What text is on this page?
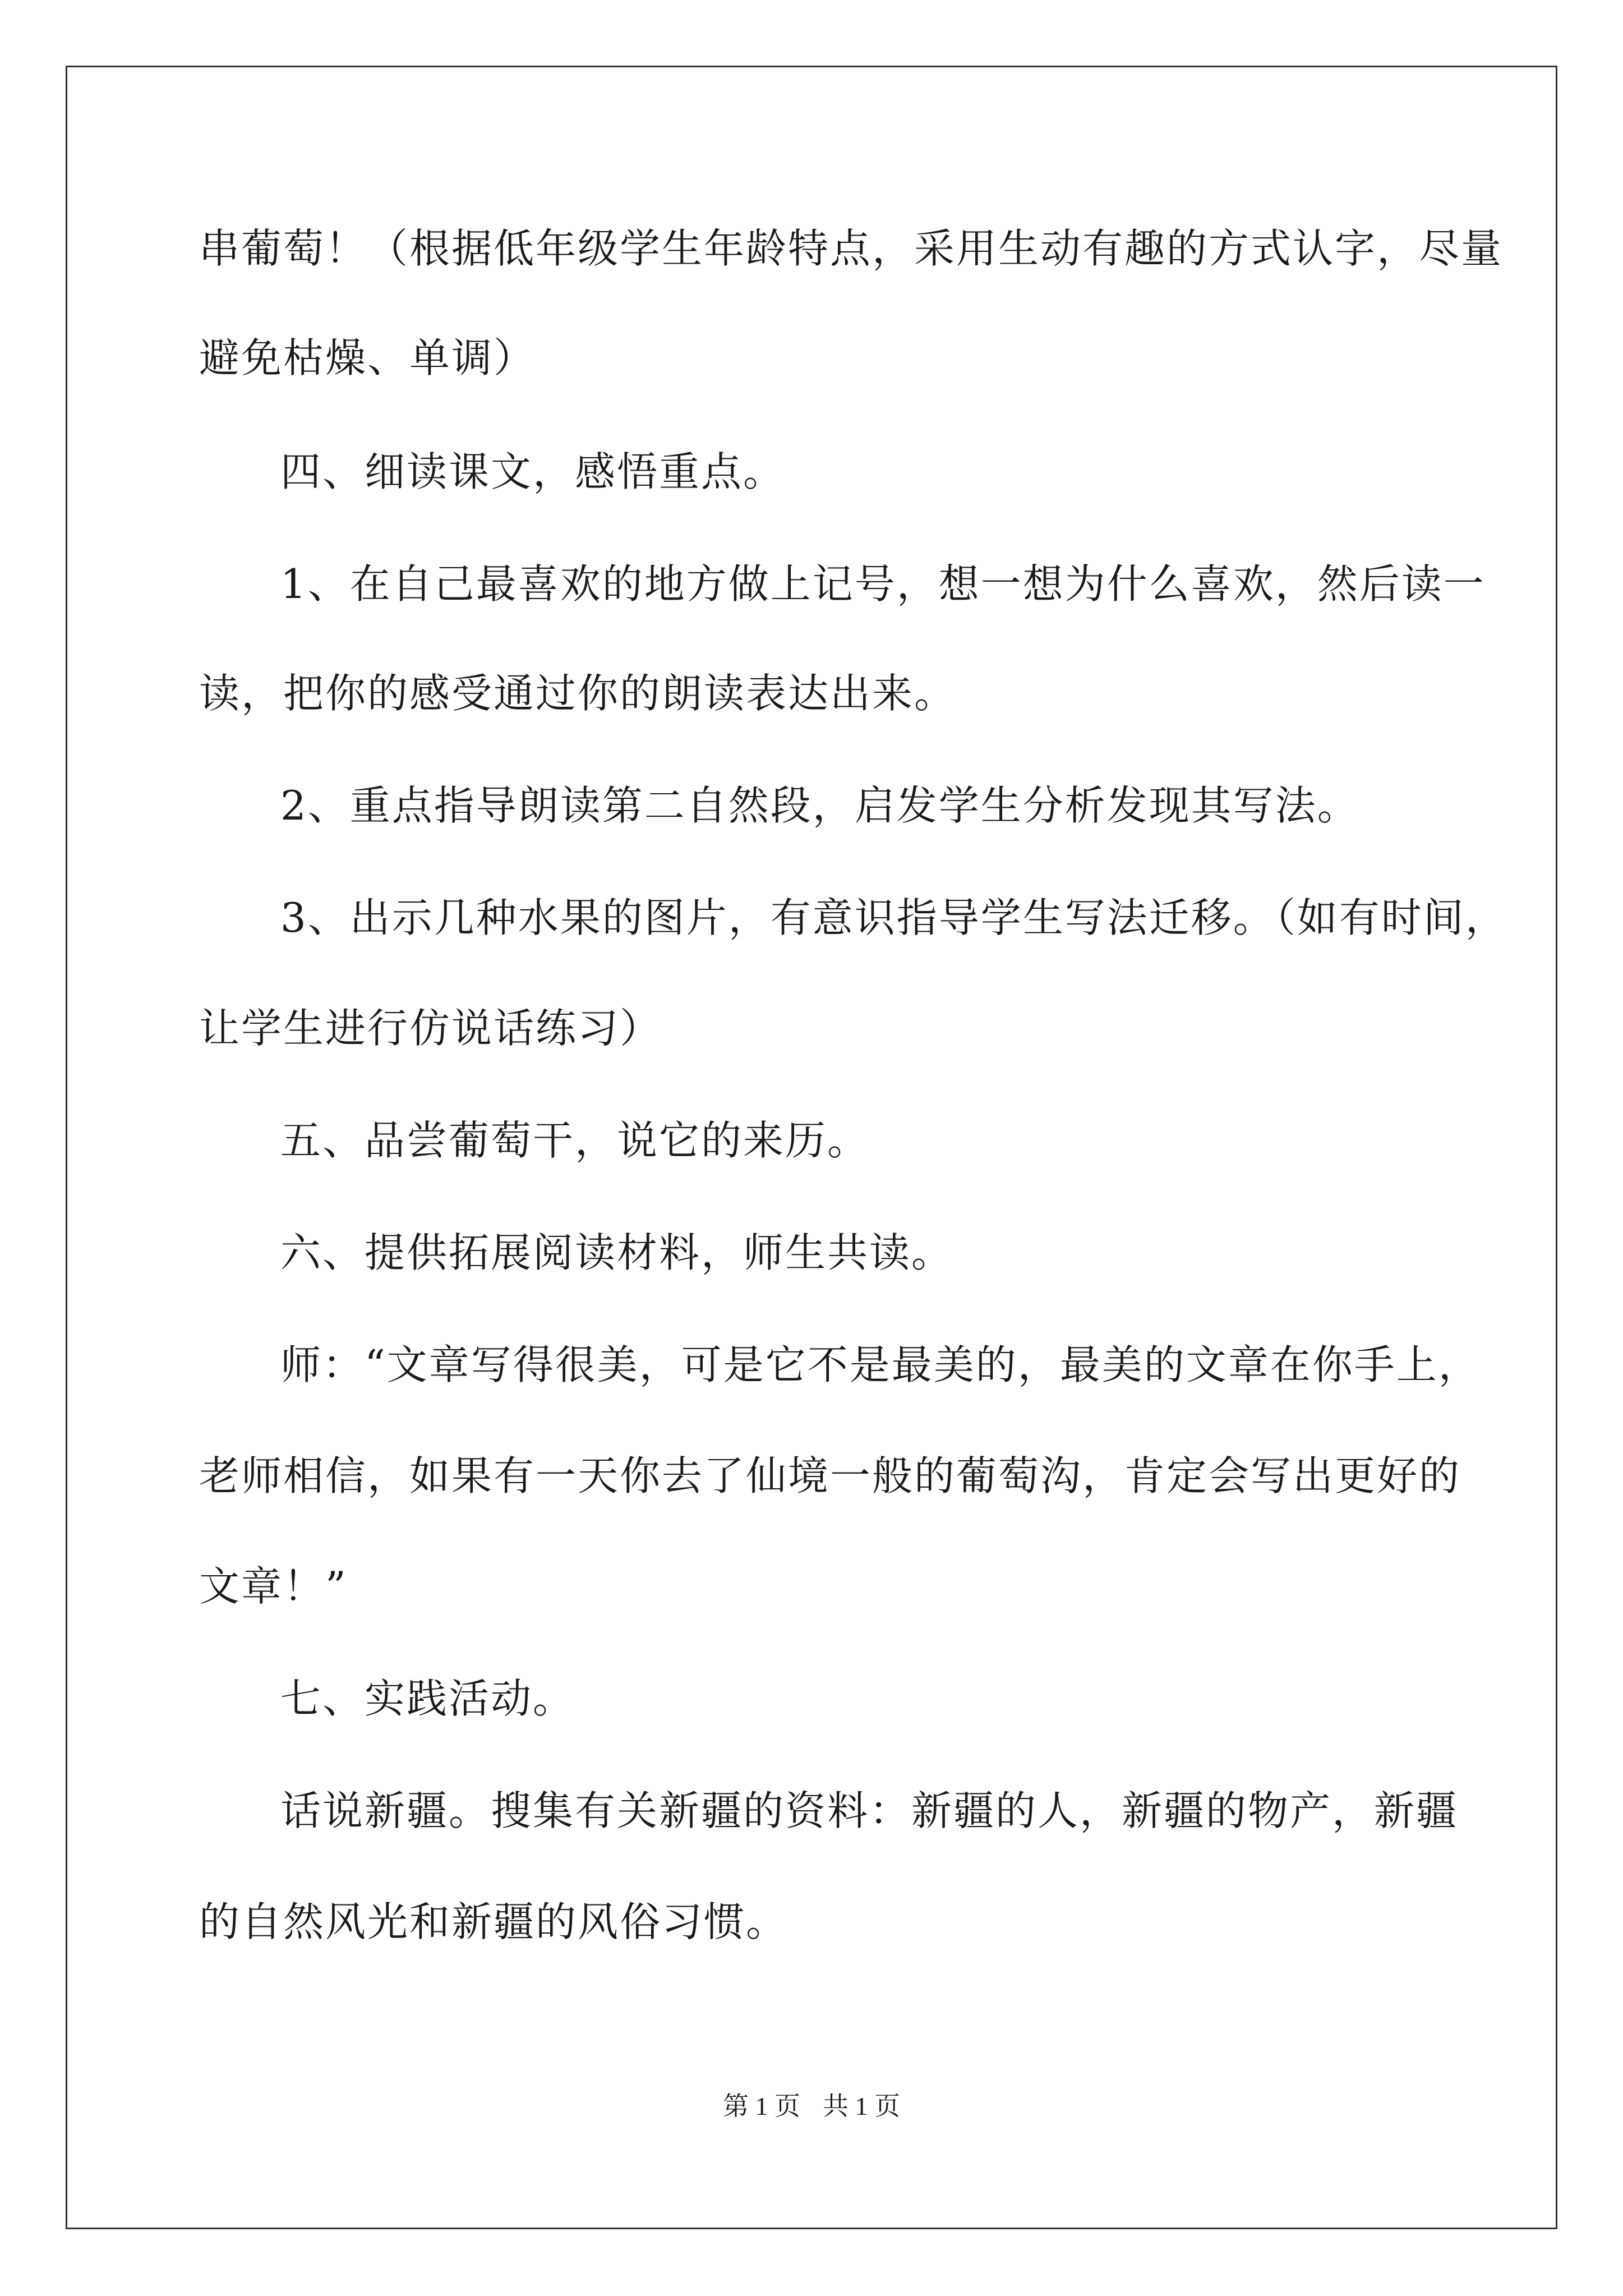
串葡萄！（根据低年级学生年龄特点，采用生动有趣的方式认字，尽量
避免枯燥、单调）
四、细读课文，感悟重点。
1、在自己最喜欢的地方做上记号，想一想为什么喜欢，然后读一
读，把你的感受通过你的朗读表达出来。
2、重点指导朗读第二自然段，启发学生分析发现其写法。
3、出示几种水果的图片，有意识指导学生写法迁移。（如有时间，
让学生进行仿说话练习）
五、品尝葡萄干，说它的来历。
六、提供拓展阅读材料，师生共读。
师：“文章写得很美，可是它不是最美的，最美的文章在你手上，
老师相信，如果有一天你去了仙境一般的葡萄沟，肯定会写出更好的
文章！”
七、实践活动。
话说新疆。搜集有关新疆的资料：新疆的人，新疆的物产，新疆
的自然风光和新疆的风俗习惯。
第 1 页 共 1 页
